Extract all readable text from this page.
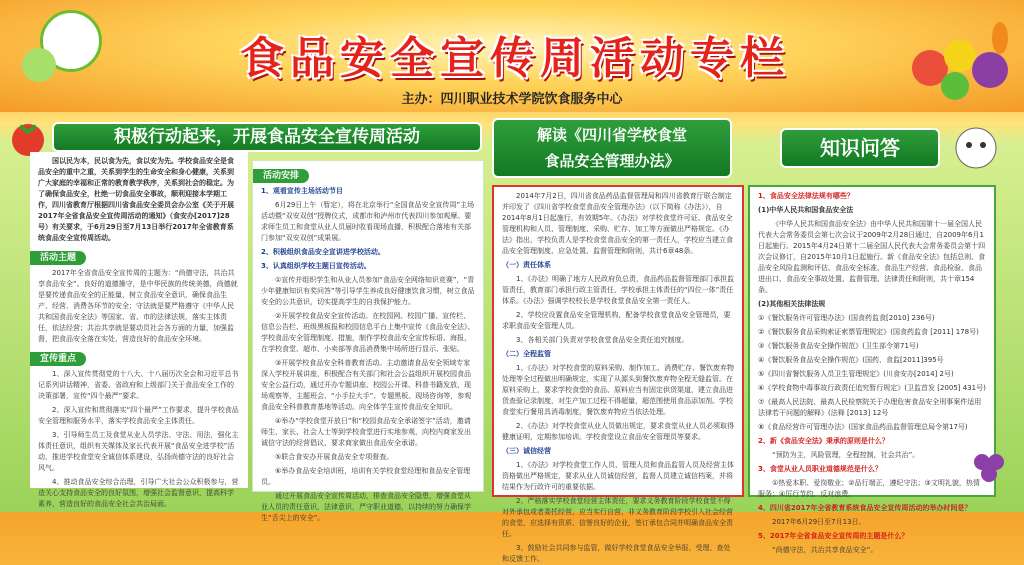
食品安全宣传周活动专栏
主办：四川职业技术学院饮食服务中心
积极行动起来，开展食品安全宣传周活动	解读《四川省学校食堂
食品安全管理办法》
知识问答

国以民为本，民以食为先，食以安为先。学校食品安全是食品安全的重中之重，关系到学生的生命安全和身心健康，关系到广大家庭的幸福和正常的教育教学秩序，关系到社会的稳定。为了确保食品安全，杜绝一切食品安全事故，顺利迎接本学期工作，四川省教育厅根据四川省食品安全委员会办公室《关于开展2017年全省食品安全宣传周活动的通知》（食安办[2017]28号）有关要求，于6月29日至7月13日举行2017年全省教育系统食品安全宣传周活动。

活动主题

2017年全省食品安全宣传周的主题为：“尚德守法，共治共享食品安全”。良好的道德操守，是中华民族的传统美德，尚德就是要传递食品安全的正能量，树立食品安全意识，确保食品生产、经营、消费各环节的安全；守法就是要严格遵守《中华人民共和国食品安全法》等国家、省、市的法律法规，落实主体责任，依法经营；共治共享就是要动员社会各方面的力量，加强监督，把食品安全落在实处，营造良好的食品安全环境。

宣传重点

1、深入宣传贯彻党的十八大、十八届历次全会和习近平总书记系列讲话精神，省委、省政府和上级部门关于食品安全工作的决策部署，宣传“四个最严”要求。

2、深入宣传和贯彻落实“四个最严”工作要求，提升学校食品安全管理和服务水平，落实学校食品安全主体责任。

3、引导师生员工及食堂从业人员学法、守法、用法，强化主体责任意识，组织有关媒体及家长代表开展“食品安全进学校”活动，推进学校食堂安全诚信体系建设，弘扬尚德守法的良好社会风气。

4、推动食品安全综合治理，引导广大社会公众积极参与，营造关心支持食品安全的良好氛围，增强社会监督意识，提高科学素养，营造良好的食品安全社会共治局面。

活动安排

1、观看宣传主场活动节目

6月29日上午（暂定），将在北京举行“全国食品安全宣传周”主场活动暨“双安双创”授牌仪式，成都市和泸州市代表四川参加观摩。要求师生员工和食堂从业人员届时收看现场直播，积极配合落地有关部门参加“双安双创”成果展。

2、积极组织食品安全宣讲进学校活动。

3、认真组织学校主题日宣传活动。

①宣传并组织学生和从业人员参加“食品安全网络知识竞赛”，“青少年健康知识有奖问答”等引导学生养成良好健康饮食习惯，树立食品安全的公共意识，切实提高学生的自我保护能力。

②开展学校食品安全宣传活动。在校园网、校园广播、宣传栏、信息公告栏、班级黑板报和校园信息平台上集中宣传《食品安全法》、学校食品安全管理制度、措施，制作学校食品安全宣传标语、海报，在学校食堂、超市、小卖部等食品消费集中场所进行显示、张贴。

③开展学校食品安全科普教育活动。主动邀请食品安全领域专家深入学校开展讲座，积极配合有关部门和社会公益组织开展校园食品安全公益行动，通过开办专题讲座、校园公开课、科普书籍发放、现场观察等，主题班会、“小手拉大手”、专题黑板、现场咨询等，参观食品安全科普教育基地等活动。向全体学生宣传食品安全知识。

④举办“学校食堂开放日”和“校园食品安全承诺签字”活动，邀请师生、家长、社会人士等到学校食堂进行实地参观，向校内商家发出诚信守法的经营倡议，要求商家做出食品安全承诺。

⑤联合食安办开展食品安全专项督查。

⑥举办食品安全培训班，培训有关学校食堂经理和食品安全管理员。

通过开展食品安全宣传周活动，排查食品安全隐患，增强食堂从业人员的责任意识，法律意识，严守职业道德，以持续的努力确保学生“舌尖上的安全”。

2014年7月2日，四川省食品药品监督管理局和四川省教育厅联合制定并印发了《四川省学校食堂食品安全管理办法》（以下简称《办法》），自2014年8月1日起施行，有效期5年。《办法》对学校食堂许可证、食品安全管理机构和人员、管理制度、采购、贮存、加工等方面做出严格规定。《办法》指出，学校负责人是学校食堂食品安全的第一责任人，学校应当建立食品安全管理制度、应急处置、监督管理和附则，共计6章48条。

（一）责任体系

1、《办法》明确了地方人民政府负总责，食品药品监督管理部门承担监管责任，教育部门承担行政主管责任，学校承担主体责任的“四位一体”责任体系。《办法》强调学校校长是学校食堂食品安全第一责任人。

2、学校应设置食品安全管理机构，配备学校食堂食品安全管理员，要求职食品安全管理人员。

3、各相关部门负责对学校食堂食品安全责任追究制度。

（二）全程监管

1、《办法》对学校食堂的原料采购、制作加工、消费贮存、餐饮废弃物处理等全过程做出明确规定，实现了从源头到餐饮废弃物全程无缝监管。在原料采购上，要求学校食堂的食品、原料应当有固定供货渠道，建立食品进货查验记录制度，对生产加工过程不得超量，超范围使用食品添加剂。学校食堂实行餐用具消毒制度，餐饮废弃物应当依法处理。

2、《办法》对学校食堂从业人员做出规定，要求食堂从业人员必须取得健康证明，定期参加培训。学校食堂设立食品安全管理员等要求。

（三）诚信经营

1、《办法》对学校食堂工作人员、管理人员和食品监管人员及经营主体资格做出严格规定，要求从业人员诚信经营，监督人员建立诚信档案，并将结果作为行政许可的重要依据。

2、严格落实学校食堂经营主体责任，要求义务教育阶段学校食堂不得对外承包或者委托经营，应当实行自营，非义务教育阶段学校引入社会经营的食堂，应选择有资质、信誉良好的企业，签订承包合同并明确食品安全责任。

3、鼓励社会共同参与监管，做好学校食堂食品安全举报、受理、查处和反馈工作。

1、食品安全法律法规有哪些？

(1)中华人民共和国食品安全法

《中华人民共和国食品安全法》由中华人民共和国第十一届全国人民代表大会常务委员会第七次会议于2009年2月28日通过，自2009年6月1日起施行。2015年4月24日第十二届全国人民代表大会常务委员会第十四次会议修订，自2015年10月1日起施行。新《食品安全法》包括总则、食品安全风险监测和评估、食品安全标准、食品生产经营、食品检验、食品进出口、食品安全事故处置、监督管理、法律责任和附则，共十章154条。

(2)其他相关法律法规

①《餐饮服务许可管理办法》(国食药监食[2010] 236号)

②《餐饮服务食品采购索证索票管理规定》(国食药监食 [2011] 178号)

③《餐饮服务食品安全操作规范》(卫生部令第71号)

④《餐饮服务食品安全操作规范》(国药、食监[2011]395号

⑤《四川省餐饮服务人员卫生管理规定》(川食安办[2014] 2号)

⑥《学校食物中毒事故行政责任追究暂行规定》(卫监首发 [2005] 431号)

⑦《最高人民法院、最高人民检察院关于办理危害食品安全刑事案件适用法律若干问题的解释》(法释 [2013] 12号

⑧《食品经营许可管理办法》(国家食品药品监督管理总局令第17号)

2、新《食品安全法》秉承的原则是什么？

“预防为主，风险管理，全程控制，社会共治”。

3、食堂从业人员职业道德规范是什么？

①热爱本职、爱岗敬业；②品行端正，遵纪守法；③文明礼貌，热情服务；④厉行节约、反对浪费。

4、四川省2017年全省教育系统食品安全宣传周活动的举办时间是？

2017年6月29日至7月13日。

5、2017年全省食品安全宣传周的主题是什么？

“尚德守法，共治共享食品安全”。
